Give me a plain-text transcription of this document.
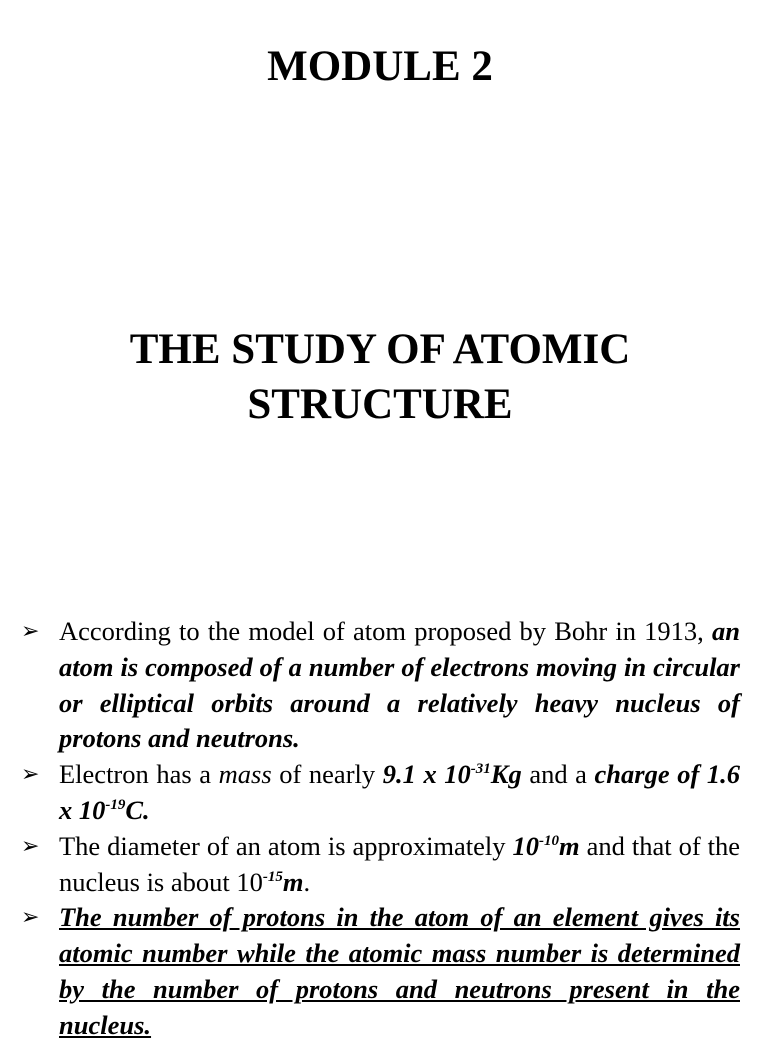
MODULE 2
THE STUDY OF ATOMIC
STRUCTURE
➢ According to the model of atom proposed by Bohr in 1913, an atom is composed of a number of electrons moving in circular or elliptical orbits around a relatively heavy nucleus of protons and neutrons.
➢ Electron has a mass of nearly 9.1 x $10^{-31}Kg$ and a charge of 1.6 x $10^{-19}C$.
➢ The diameter of an atom is approximately $10^{-10}m$ and that of the nucleus is about $10^{-15}m$.
➢ The number of protons in the atom of an element gives its atomic number while the atomic mass number is determined by the number of protons and neutrons present in the nucleus.
